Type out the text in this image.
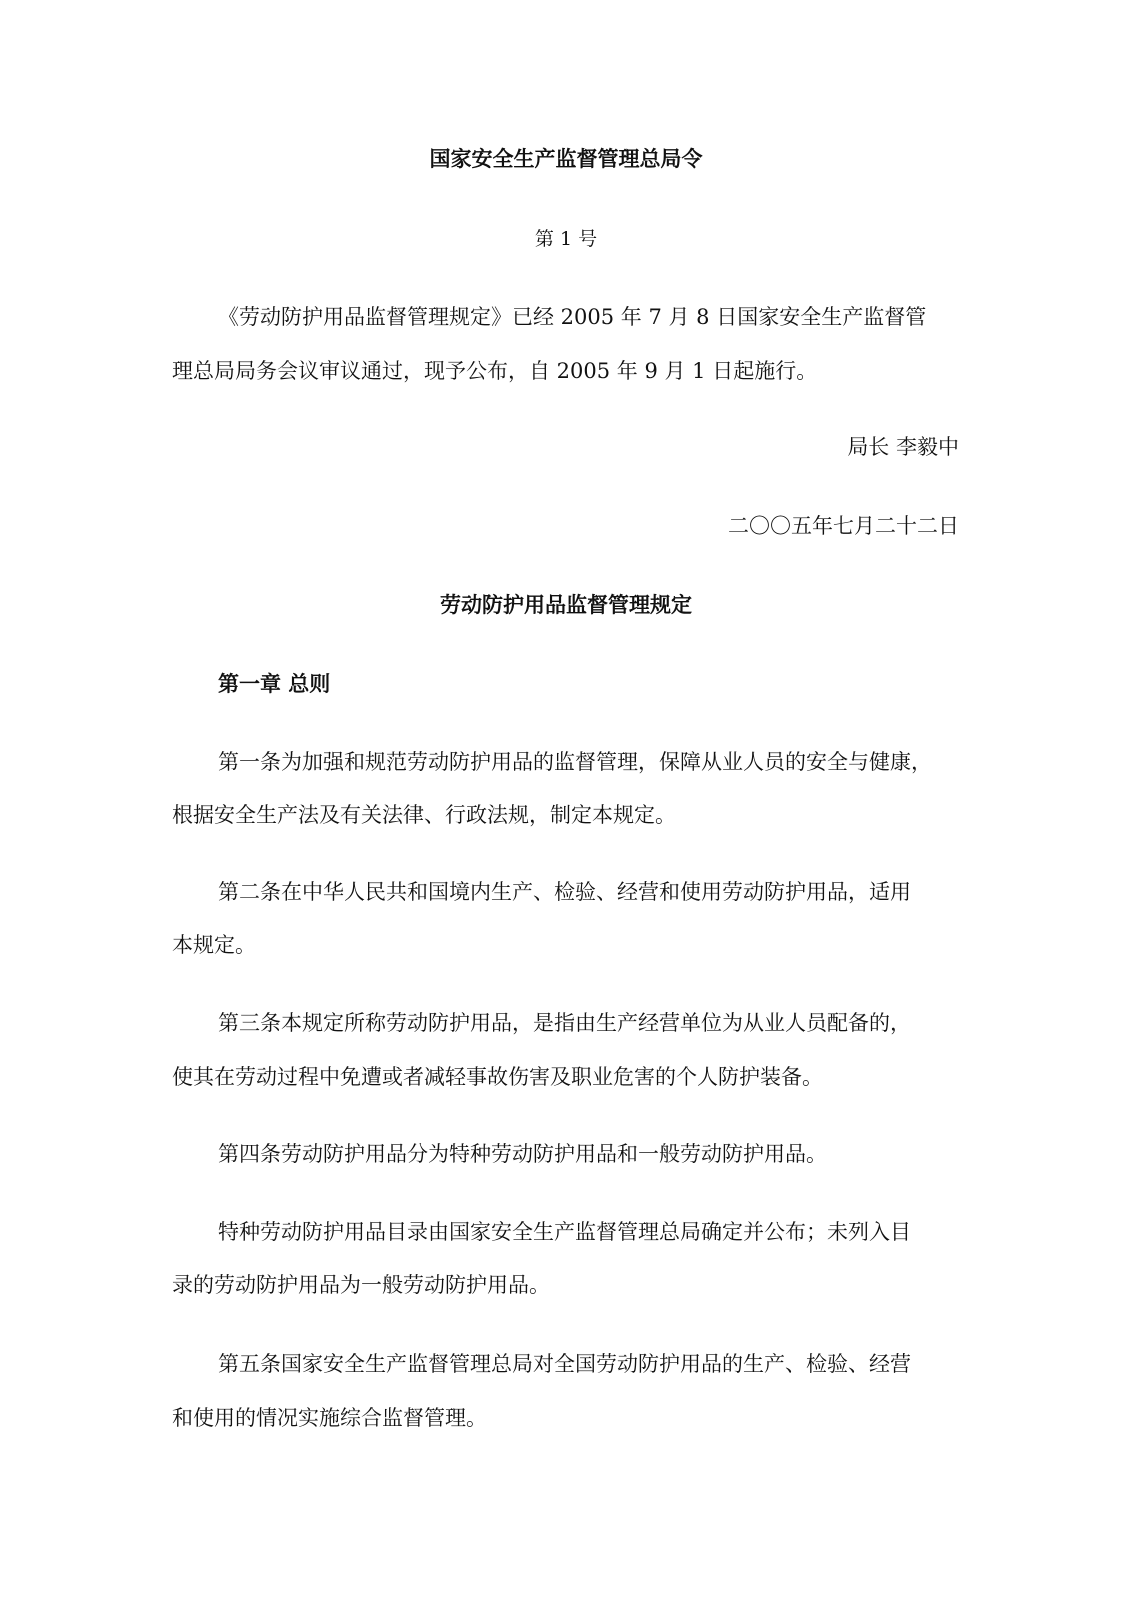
国家安全生产监督管理总局令

第 1 号

《劳动防护用品监督管理规定》已经 2005 年 7 月 8 日国家安全生产监督管

理总局局务会议审议通过，现予公布，自 2005 年 9 月 1 日起施行。

局长 李毅中

二〇〇五年七月二十二日

劳动防护用品监督管理规定

第一章 总则

第一条为加强和规范劳动防护用品的监督管理，保障从业人员的安全与健康，

根据安全生产法及有关法律、行政法规，制定本规定。

第二条在中华人民共和国境内生产、检验、经营和使用劳动防护用品，适用

本规定。

第三条本规定所称劳动防护用品，是指由生产经营单位为从业人员配备的，

使其在劳动过程中免遭或者减轻事故伤害及职业危害的个人防护装备。

第四条劳动防护用品分为特种劳动防护用品和一般劳动防护用品。

特种劳动防护用品目录由国家安全生产监督管理总局确定并公布；未列入目

录的劳动防护用品为一般劳动防护用品。

第五条国家安全生产监督管理总局对全国劳动防护用品的生产、检验、经营

和使用的情况实施综合监督管理。
